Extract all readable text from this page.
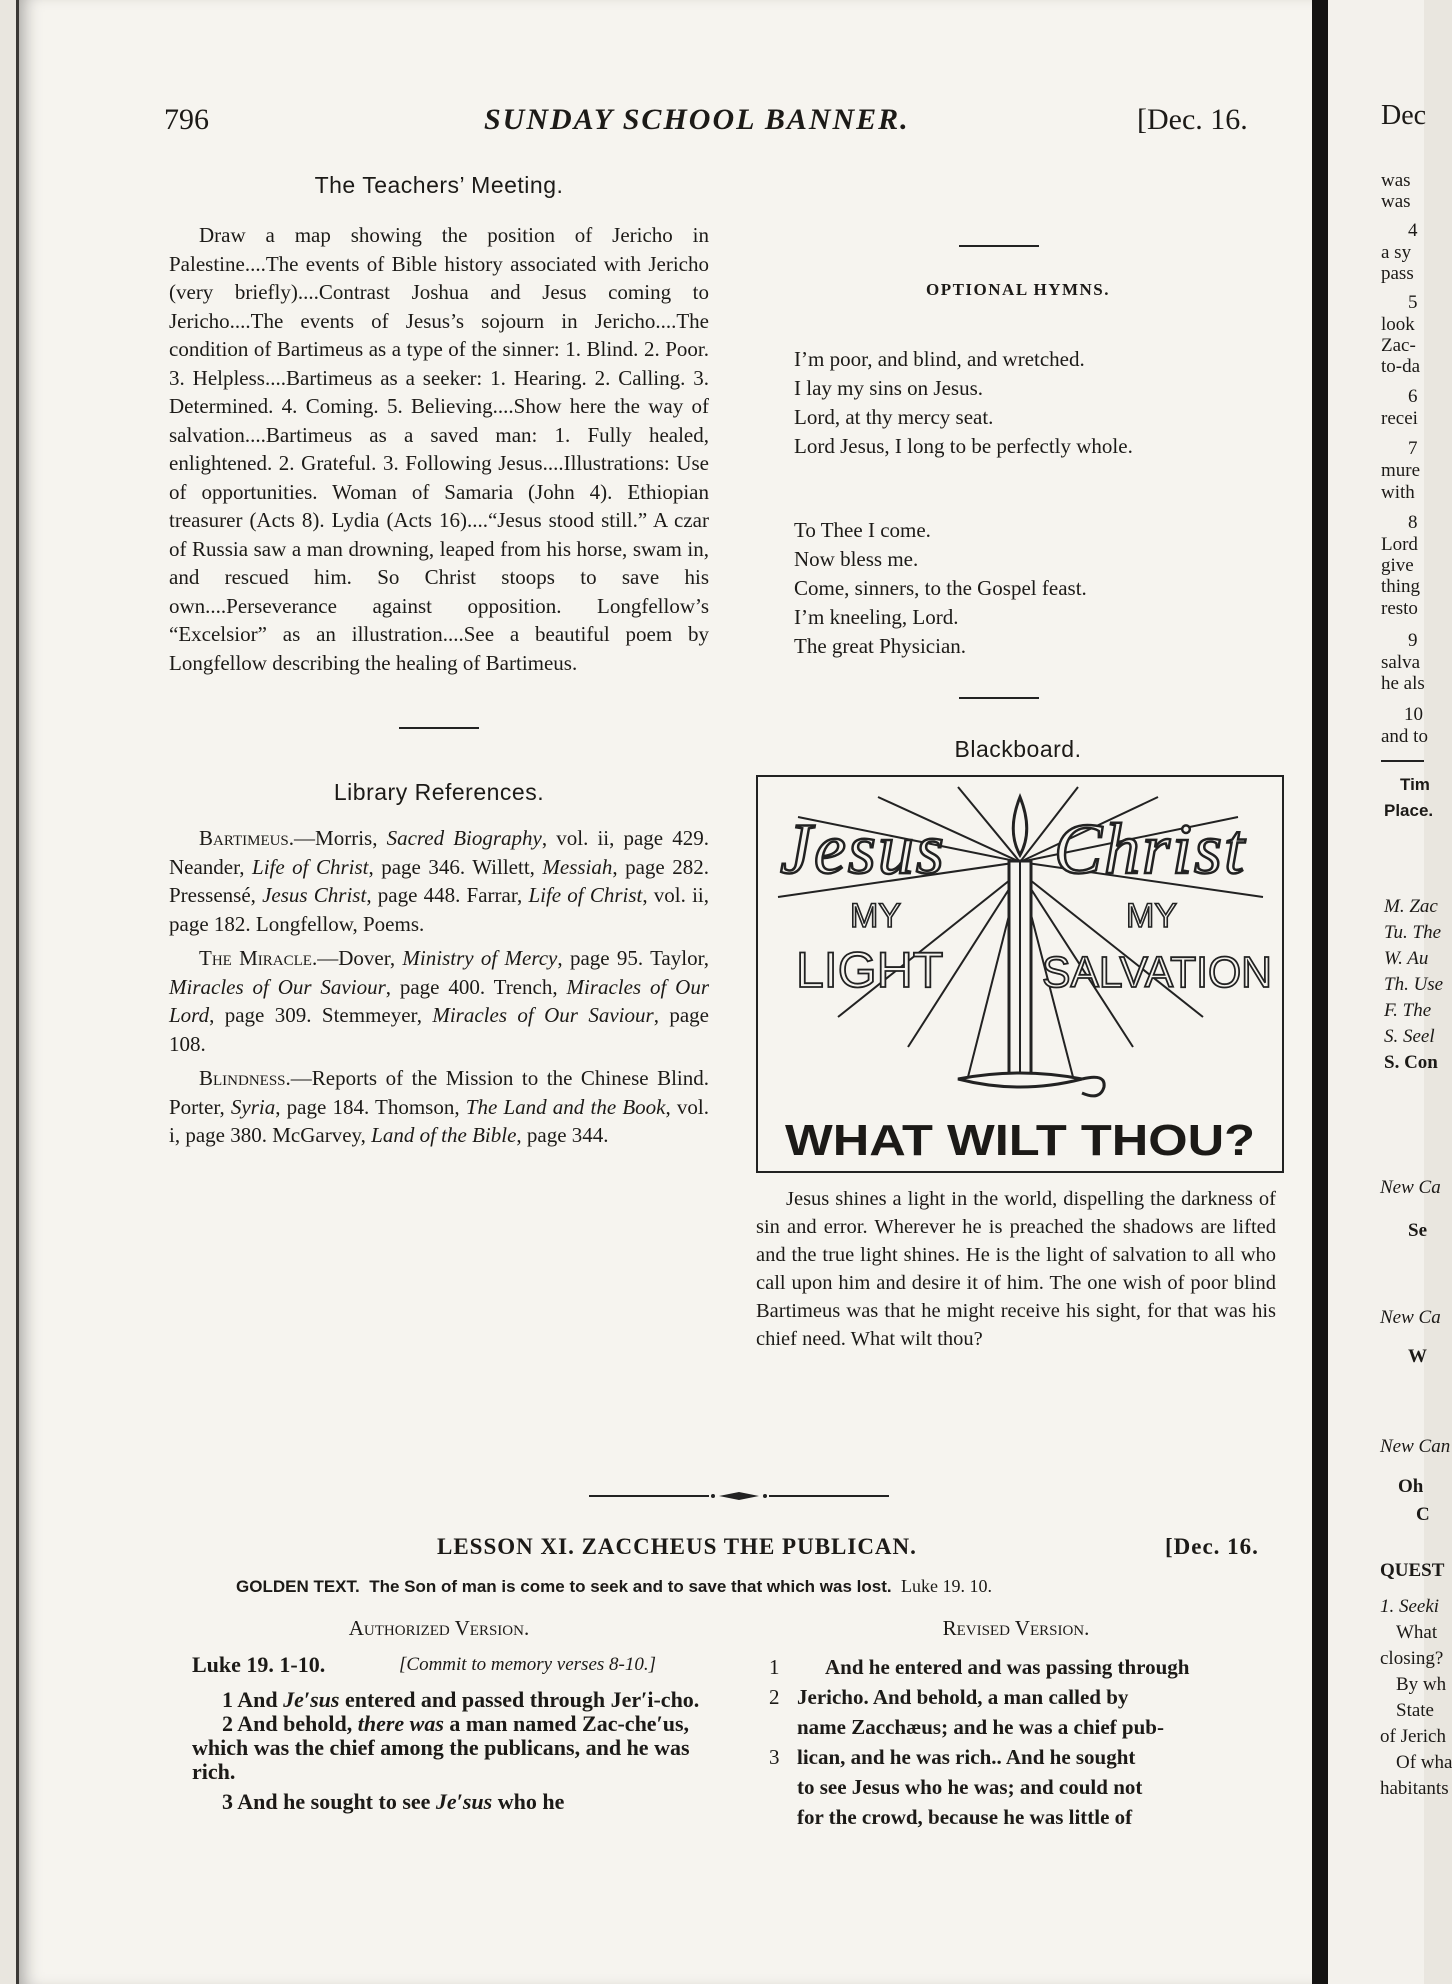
796	SUNDAY SCHOOL BANNER.	[Dec. 16.
The Teachers’ Meeting.

Draw a map showing the position of Jericho in Palestine....The events of Bible history associated with Jericho (very briefly)....Contrast Joshua and Jesus coming to Jericho....The events of Jesus’s sojourn in Jericho....The condition of Bartimeus as a type of the sinner: 1. Blind. 2. Poor. 3. Helpless....Bartimeus as a seeker: 1. Hearing. 2. Calling. 3. Determined. 4. Coming. 5. Believing....Show here the way of salvation....Bartimeus as a saved man: 1. Fully healed, enlightened. 2. Grateful. 3. Following Jesus....Illustrations: Use of opportunities. Woman of Samaria (John 4). Ethiopian treasurer (Acts 8). Lydia (Acts 16)....“Jesus stood still.” A czar of Russia saw a man drowning, leaped from his horse, swam in, and rescued him. So Christ stoops to save his own....Perseverance against opposition. Longfellow’s “Excelsior” as an illustration....See a beautiful poem by Longfellow describing the healing of Bartimeus.

Library References.

Bartimeus.—Morris, Sacred Biography, vol. ii, page 429. Neander, Life of Christ, page 346. Willett, Messiah, page 282. Pressensé, Jesus Christ, page 448. Farrar, Life of Christ, vol. ii, page 182. Longfellow, Poems.

The Miracle.—Dover, Ministry of Mercy, page 95. Taylor, Miracles of Our Saviour, page 400. Trench, Miracles of Our Lord, page 309. Stemmeyer, Miracles of Our Saviour, page 108.

Blindness.—Reports of the Mission to the Chinese Blind. Porter, Syria, page 184. Thomson, The Land and the Book, vol. i, page 380. McGarvey, Land of the Bible, page 344.

OPTIONAL HYMNS.
I’m poor, and blind, and wretched.
I lay my sins on Jesus.
Lord, at thy mercy seat.
Lord Jesus, I long to be perfectly whole.
To Thee I come.
Now bless me.
Come, sinners, to the Gospel feast.
I’m kneeling, Lord.
The great Physician.
Blackboard.
Jesus Christ
MY	MY
LIGHT SALVATION
WHAT WILT THOU?

Jesus shines a light in the world, dispelling the darkness of sin and error. Wherever he is preached the shadows are lifted and the true light shines. He is the light of salvation to all who call upon him and desire it of him. The one wish of poor blind Bartimeus was that he might receive his sight, for that was his chief need. What wilt thou?

LESSON XI. ZACCHEUS THE PUBLICAN.	[Dec. 16.
GOLDEN TEXT. The Son of man is come to seek and to save that which was lost. Luke 19. 10.
Authorized Version.	Revised Version.
Luke 19. 1-10.	[Commit to memory verses 8-10.]
1 And Je′sus entered and passed through Jer′i-cho.
2 And behold, there was a man named Zac-che′us, which was the chief among the publicans, and he was rich.
3 And he sought to see Je′sus who he
1
2
3
And he entered and was passing through
Jericho. And behold, a man called by
name Zacchæus; and he was a chief pub-
lican, and he was rich.. And he sought
to see Jesus who he was; and could not
for the crowd, because he was little of
Dec
was
was
4
a sy
pass
5
look
Zac-
to-da
6
recei
7
mure
with
8
Lord
give
thing
resto
9
salva
he als
10
and to
Tim
Place.
M. Zac
Tu. The
W. Au
Th. Use
F. The
S. Seel
S. Con
New Ca
Se
New Ca
W
New Can
Oh
C
QUEST
1. Seeki
What
closing?
By wh
State
of Jerich
Of wha
habitants
